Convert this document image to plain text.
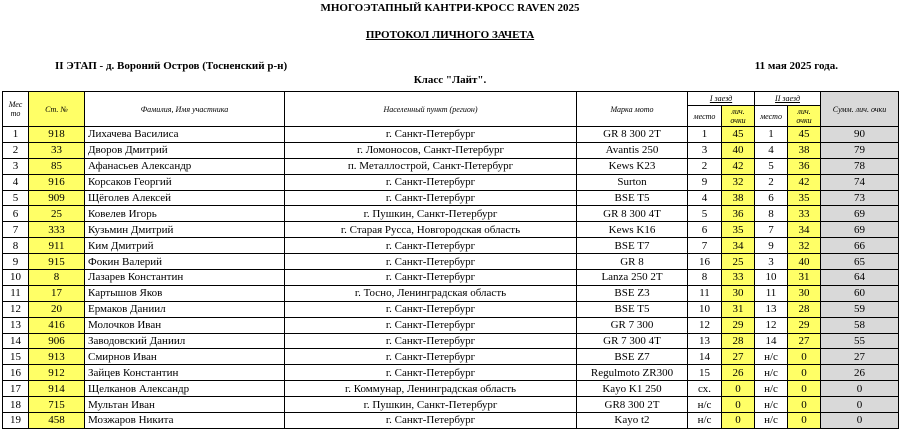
МНОГОЭТАПНЫЙ КАНТРИ-КРОСС RAVEN 2025
ПРОТОКОЛ ЛИЧНОГО ЗАЧЕТА
II ЭТАП - д. Вороний Остров (Тосненский р-н)	11 мая 2025 года.
Класс "Лайт".
Мес то	Ст. №	Фамилия, Имя участника	Населенный пункт (регион)	Марка мото	I заезд		II заезд		Сумм. лич. очки
					место	лич. очки	место	лич. очки	
1	918	Лихачева Василиса	г. Санкт-Петербург	GR 8 300 2T	1	45	1	45	90
2	33	Дворов Дмитрий	г. Ломоносов, Санкт-Петербург	Avantis 250	3	40	4	38	79
3	85	Афанасьев Александр	п. Металлострой, Санкт-Петербург	Kews K23	2	42	5	36	78
4	916	Корсаков Георгий	г. Санкт-Петербург	Surton	9	32	2	42	74
5	909	Щёголев Алексей	г. Санкт-Петербург	BSE T5	4	38	6	35	73
6	25	Ковелев Игорь	г. Пушкин, Санкт-Петербург	GR 8 300 4T	5	36	8	33	69
7	333	Кузьмин Дмитрий	г. Старая Русса, Новгородская область	Kews K16	6	35	7	34	69
8	911	Ким Дмитрий	г. Санкт-Петербург	BSE T7	7	34	9	32	66
9	915	Фокин Валерий	г. Санкт-Петербург	GR 8	16	25	3	40	65
10	8	Лазарев Константин	г. Санкт-Петербург	Lanza 250 2T	8	33	10	31	64
11	17	Картышов Яков	г. Тосно, Ленинградская область	BSE Z3	11	30	11	30	60
12	20	Ермаков Даниил	г. Санкт-Петербург	BSE T5	10	31	13	28	59
13	416	Молочков Иван	г. Санкт-Петербург	GR 7 300	12	29	12	29	58
14	906	Заводовский Даниил	г. Санкт-Петербург	GR 7 300 4T	13	28	14	27	55
15	913	Смирнов Иван	г. Санкт-Петербург	BSE Z7	14	27	н/с	0	27
16	912	Зайцев Константин	г. Санкт-Петербург	Regulmoto ZR300	15	26	н/с	0	26
17	914	Щелканов Александр	г. Коммунар, Ленинградская область	Kayo K1 250	сх.	0	н/с	0	0
18	715	Мультан Иван	г. Пушкин, Санкт-Петербург	GR8 300 2T	н/с	0	н/с	0	0
19	458	Мозжаров Никита	г. Санкт-Петербург	Kayo t2	н/с	0	н/с	0	0
